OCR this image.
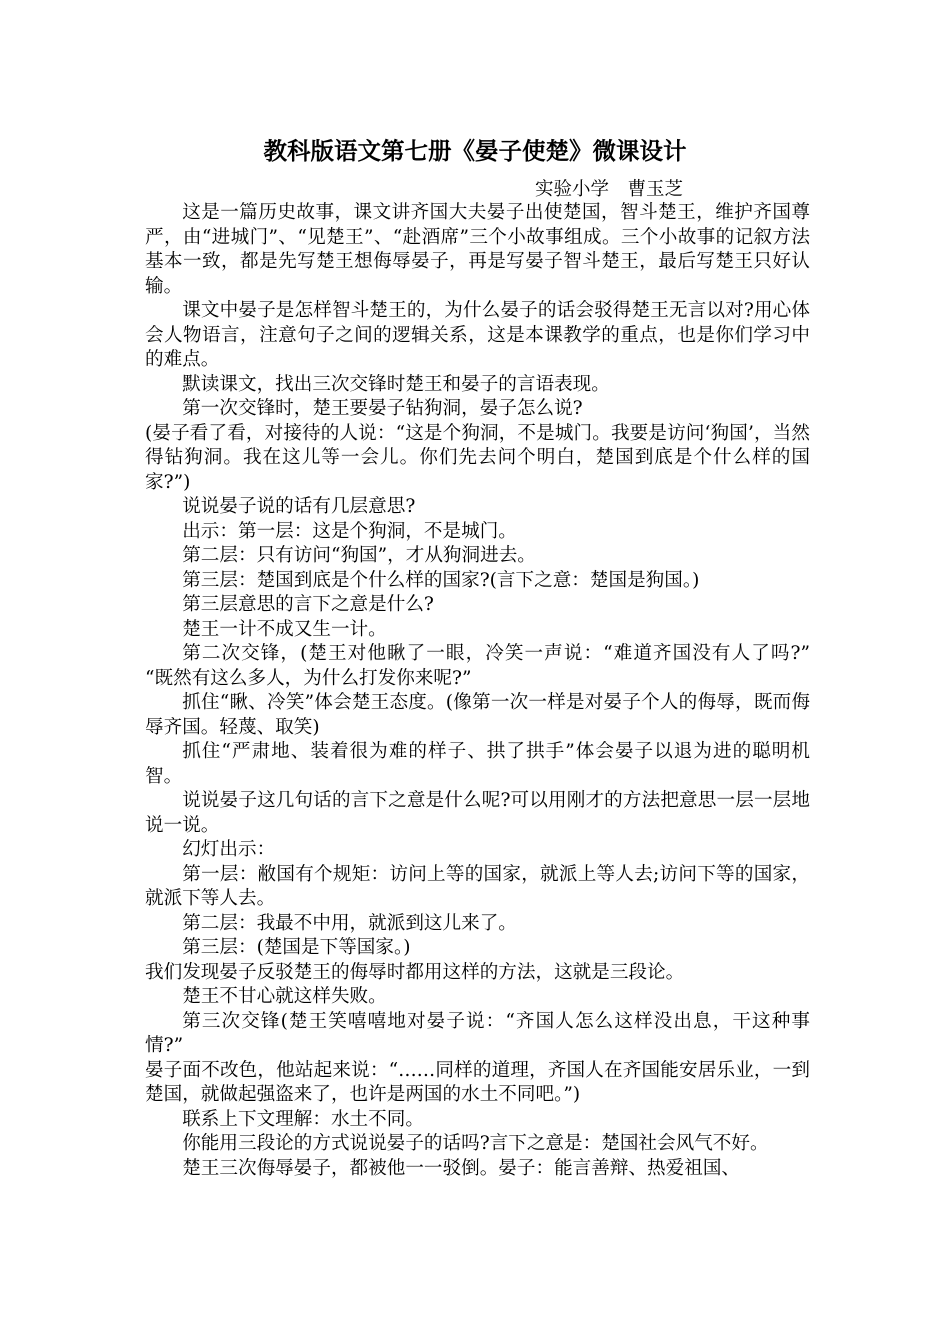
教科版语文第七册《晏子使楚》微课设计
实验小学　曹玉芝

这是一篇历史故事，课文讲齐国大夫晏子出使楚国，智斗楚王，维护齐国尊严，由“进城门”、“见楚王”、“赴酒席”三个小故事组成。三个小故事的记叙方法基本一致，都是先写楚王想侮辱晏子，再是写晏子智斗楚王，最后写楚王只好认输。

课文中晏子是怎样智斗楚王的，为什么晏子的话会驳得楚王无言以对?用心体会人物语言，注意句子之间的逻辑关系，这是本课教学的重点，也是你们学习中的难点。

默读课文，找出三次交锋时楚王和晏子的言语表现。

第一次交锋时，楚王要晏子钻狗洞，晏子怎么说?

(晏子看了看，对接待的人说：“这是个狗洞，不是城门。我要是访问‘狗国’，当然得钻狗洞。我在这儿等一会儿。你们先去问个明白，楚国到底是个什么样的国家?”)

说说晏子说的话有几层意思?

出示：第一层：这是个狗洞，不是城门。

第二层：只有访问“狗国”，才从狗洞进去。

第三层：楚国到底是个什么样的国家?(言下之意：楚国是狗国。)

第三层意思的言下之意是什么?

楚王一计不成又生一计。

第二次交锋，(楚王对他瞅了一眼，冷笑一声说：“难道齐国没有人了吗?” “既然有这么多人，为什么打发你来呢?”

抓住“瞅、冷笑”体会楚王态度。(像第一次一样是对晏子个人的侮辱，既而侮辱齐国。轻蔑、取笑)

抓住“严肃地、装着很为难的样子、拱了拱手”体会晏子以退为进的聪明机智。

说说晏子这几句话的言下之意是什么呢?可以用刚才的方法把意思一层一层地说一说。

幻灯出示：

第一层：敝国有个规矩：访问上等的国家，就派上等人去;访问下等的国家，就派下等人去。

第二层：我最不中用，就派到这儿来了。

第三层：(楚国是下等国家。)

我们发现晏子反驳楚王的侮辱时都用这样的方法，这就是三段论。

楚王不甘心就这样失败。

第三次交锋(楚王笑嘻嘻地对晏子说：“齐国人怎么这样没出息，干这种事情?”

晏子面不改色，他站起来说：“……同样的道理，齐国人在齐国能安居乐业，一到楚国，就做起强盗来了，也许是两国的水土不同吧。”)

联系上下文理解：水土不同。

你能用三段论的方式说说晏子的话吗?言下之意是：楚国社会风气不好。

楚王三次侮辱晏子，都被他一一驳倒。晏子：能言善辩、热爱祖国、
